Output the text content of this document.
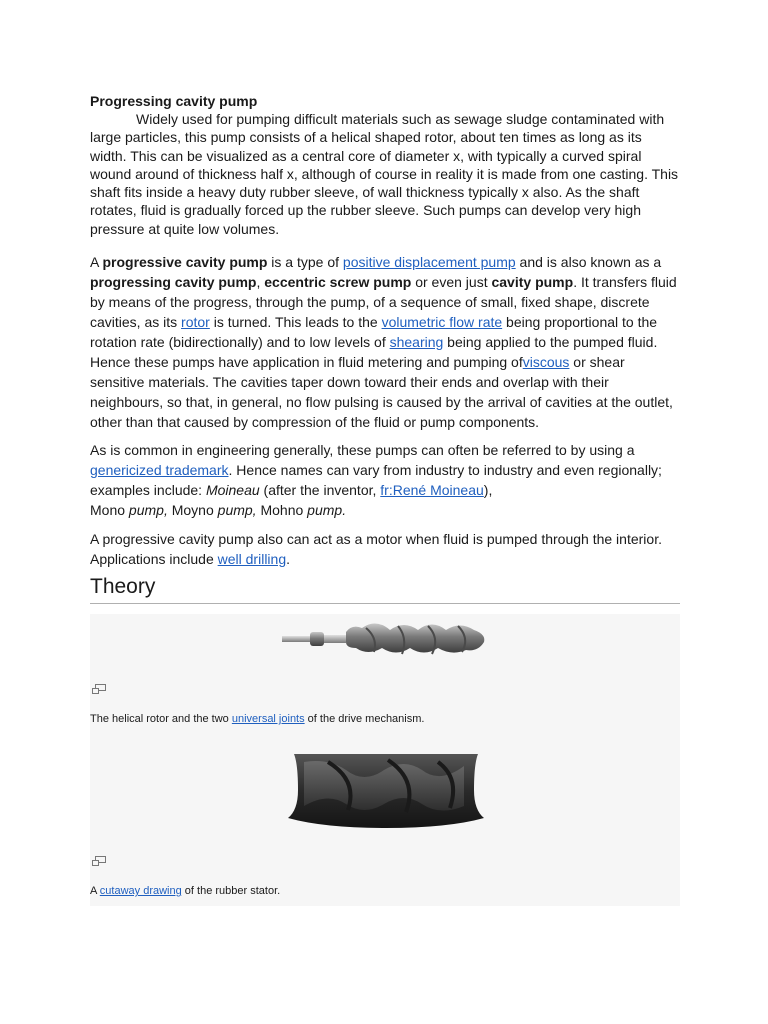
Progressing cavity pump

Widely used for pumping difficult materials such as sewage sludge contaminated with large particles, this pump consists of a helical shaped rotor, about ten times as long as its width. This can be visualized as a central core of diameter x, with typically a curved spiral wound around of thickness half x, although of course in reality it is made from one casting. This shaft fits inside a heavy duty rubber sleeve, of wall thickness typically x also. As the shaft rotates, fluid is gradually forced up the rubber sleeve. Such pumps can develop very high pressure at quite low volumes.

A progressive cavity pump is a type of positive displacement pump and is also known as a progressing cavity pump, eccentric screw pump or even just cavity pump. It transfers fluid by means of the progress, through the pump, of a sequence of small, fixed shape, discrete cavities, as its rotor is turned. This leads to the volumetric flow rate being proportional to the rotation rate (bidirectionally) and to low levels of shearing being applied to the pumped fluid. Hence these pumps have application in fluid metering and pumping ofviscous or shear sensitive materials. The cavities taper down toward their ends and overlap with their neighbours, so that, in general, no flow pulsing is caused by the arrival of cavities at the outlet, other than that caused by compression of the fluid or pump components.

As is common in engineering generally, these pumps can often be referred to by using a genericized trademark. Hence names can vary from industry to industry and even regionally; examples include: Moineau (after the inventor, fr:René Moineau),
Mono pump, Moyno pump, Mohno pump.

A progressive cavity pump also can act as a motor when fluid is pumped through the interior. Applications include well drilling.

Theory
The helical rotor and the two universal joints of the drive mechanism.
A cutaway drawing of the rubber stator.
